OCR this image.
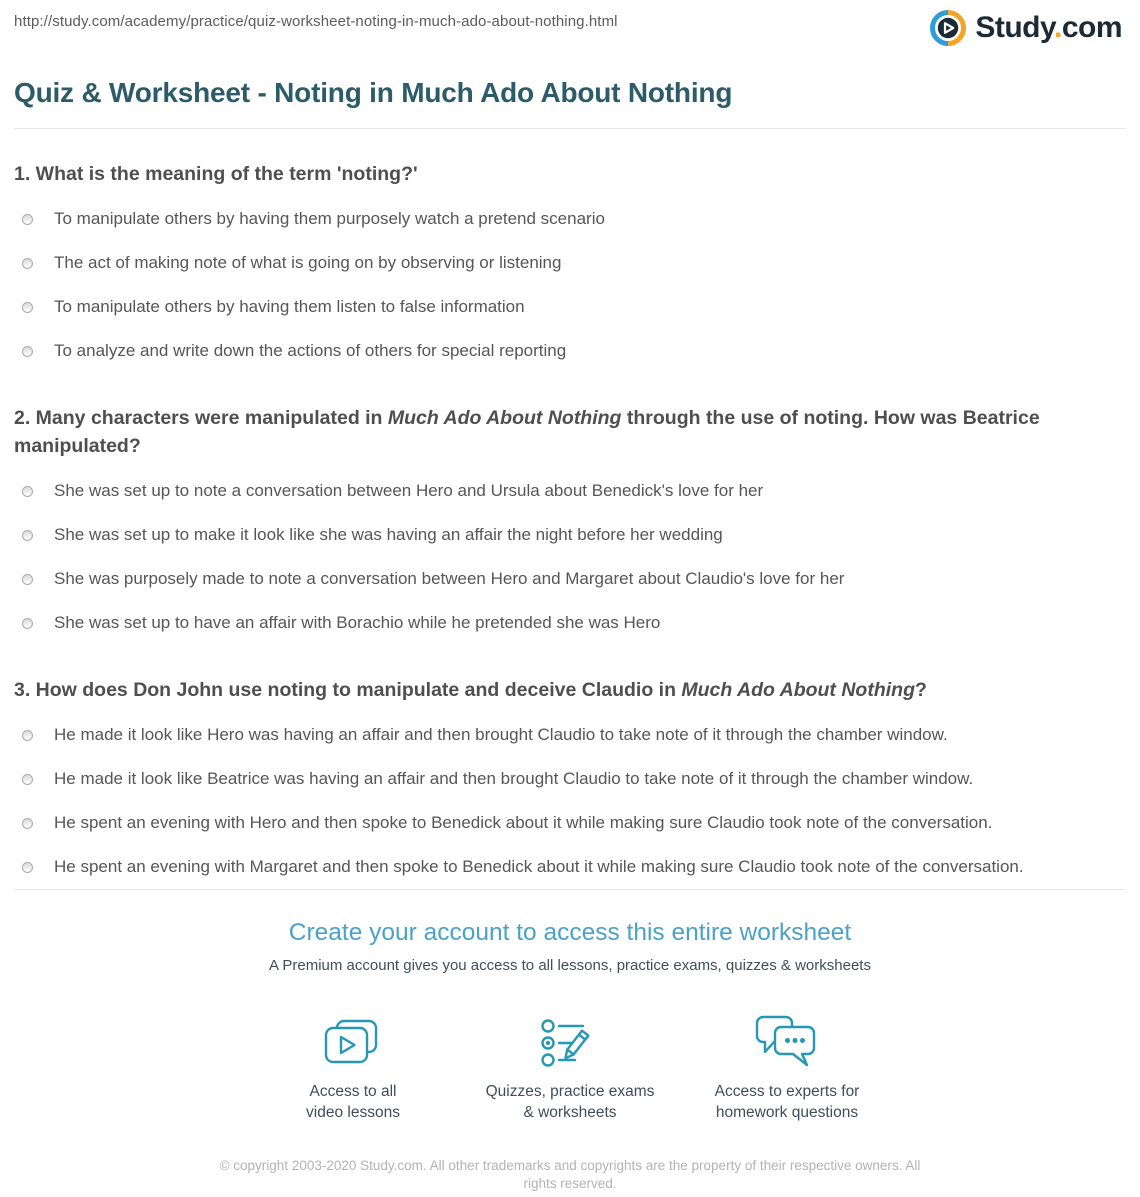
http://study.com/academy/practice/quiz-worksheet-noting-in-much-ado-about-nothing.html	Study.com
Quiz & Worksheet - Noting in Much Ado About Nothing
1. What is the meaning of the term 'noting?'
To manipulate others by having them purposely watch a pretend scenario
The act of making note of what is going on by observing or listening
To manipulate others by having them listen to false information
To analyze and write down the actions of others for special reporting
2. Many characters were manipulated in Much Ado About Nothing through the use of noting. How was Beatrice manipulated?
She was set up to note a conversation between Hero and Ursula about Benedick's love for her
She was set up to make it look like she was having an affair the night before her wedding
She was purposely made to note a conversation between Hero and Margaret about Claudio's love for her
She was set up to have an affair with Borachio while he pretended she was Hero
3. How does Don John use noting to manipulate and deceive Claudio in Much Ado About Nothing?
He made it look like Hero was having an affair and then brought Claudio to take note of it through the chamber window.
He made it look like Beatrice was having an affair and then brought Claudio to take note of it through the chamber window.
He spent an evening with Hero and then spoke to Benedick about it while making sure Claudio took note of the conversation.
He spent an evening with Margaret and then spoke to Benedick about it while making sure Claudio took note of the conversation.
Create your account to access this entire worksheet
A Premium account gives you access to all lessons, practice exams, quizzes & worksheets
Access to all
video lessons
Quizzes, practice exams
& worksheets
Access to experts for
homework questions
© copyright 2003-2020 Study.com. All other trademarks and copyrights are the property of their respective owners. All rights reserved.
